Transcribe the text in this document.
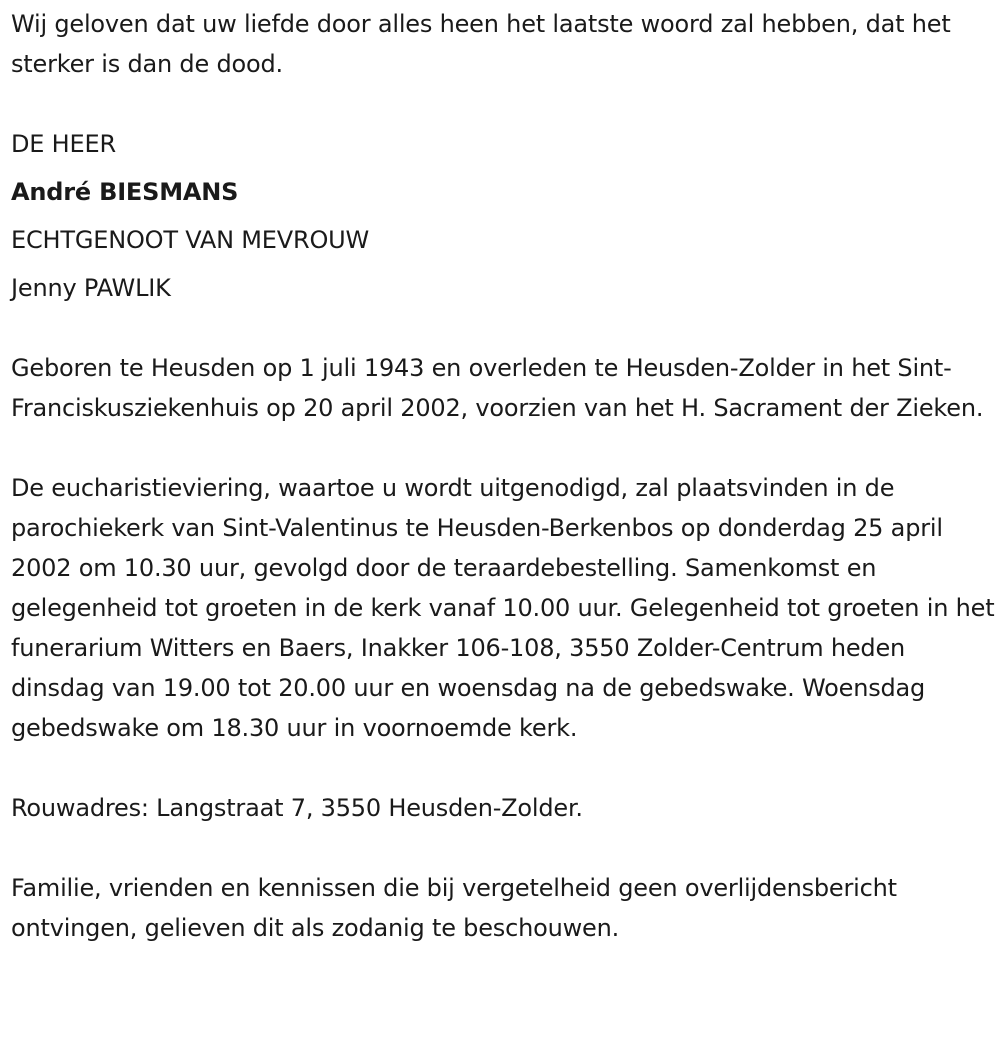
Wij geloven dat uw liefde door alles heen het laatste woord zal hebben, dat het sterker is dan de dood.

DE HEER
André BIESMANS
ECHTGENOOT VAN MEVROUW
Jenny PAWLIK

Geboren te Heusden op 1 juli 1943 en overleden te Heusden-Zolder in het Sint-Franciskusziekenhuis op 20 april 2002, voorzien van het H. Sacrament der Zieken.

De eucharistieviering, waartoe u wordt uitgenodigd, zal plaatsvinden in de parochiekerk van Sint-Valentinus te Heusden-Berkenbos op donderdag 25 april 2002 om 10.30 uur, gevolgd door de teraardebestelling. Samenkomst en gelegenheid tot groeten in de kerk vanaf 10.00 uur. Gelegenheid tot groeten in het funerarium Witters en Baers, Inakker 106-108, 3550 Zolder-Centrum heden dinsdag van 19.00 tot 20.00 uur en woensdag na de gebedswake. Woensdag gebedswake om 18.30 uur in voornoemde kerk.

Rouwadres: Langstraat 7, 3550 Heusden-Zolder.

Familie, vrienden en kennissen die bij vergetelheid geen overlijdensbericht ontvingen, gelieven dit als zodanig te beschouwen.
